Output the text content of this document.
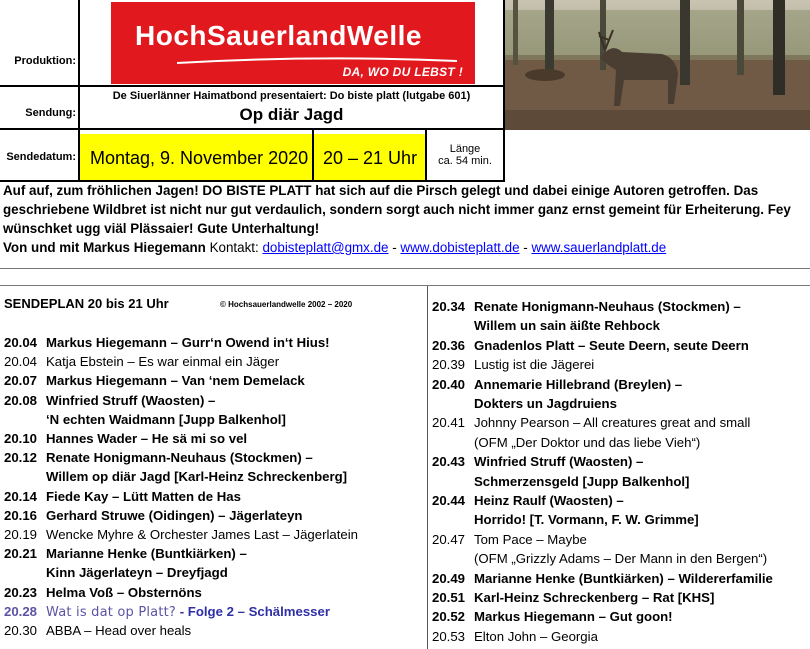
Produktion:
Sendung:
Sendedatum:
HochSauerlandWelle
DA, WO DU LEBST !
De Siuerlänner Haimatbond presentaiert: Do biste platt (lutgabe 601)
Op diär Jagd
Montag, 9. November 2020 20 – 21 Uhr	Länge
ca. 54 min.
Auf auf, zum fröhlichen Jagen! DO BISTE PLATT hat sich auf die Pirsch gelegt und dabei einige Autoren getroffen. Das geschriebene Wildbret ist nicht nur gut verdaulich, sondern sorgt auch nicht immer ganz ernst gemeint für Erheiterung. Fey wünschket ugg viäl Plässaier! Gute Unterhaltung!
Von und mit Markus Hiegemann Kontakt: dobisteplatt@gmx.de - www.dobisteplatt.de - www.sauerlandplatt.de
SENDEPLAN 20 bis 21 Uhr	© Hochsauerlandwelle 2002 – 2020
20.04 Markus Hiegemann – Gurr‘n Owend in‘t Hius!
20.04 Katja Ebstein – Es war einmal ein Jäger
20.07 Markus Hiegemann – Van ‘nem Demelack
20.08 Winfried Struff (Waosten) –
‘N echten Waidmann [Jupp Balkenhol]
20.10 Hannes Wader – He sä mi so vel
20.12 Renate Honigmann-Neuhaus (Stockmen) –
Willem op diär Jagd [Karl-Heinz Schreckenberg]
20.14 Fiede Kay – Lütt Matten de Has
20.16 Gerhard Struwe (Oidingen) – Jägerlateyn
20.19 Wencke Myhre & Orchester James Last – Jägerlatein
20.21 Marianne Henke (Buntkiärken) –
Kinn Jägerlateyn – Dreyfjagd
20.23 Helma Voß – Obsternöns
20.28 Wat is dat op Platt? - Folge 2 – Schälmesser
20.30 ABBA – Head over heals
20.34 Renate Honigmann-Neuhaus (Stockmen) –
Willem un sain äißte Rehbock
20.36 Gnadenlos Platt – Seute Deern, seute Deern
20.39 Lustig ist die Jägerei
20.40 Annemarie Hillebrand (Breylen) –
Dokters un Jagdruiens
20.41 Johnny Pearson – All creatures great and small
(OFM „Der Doktor und das liebe Vieh“)
20.43 Winfried Struff (Waosten) –
Schmerzensgeld [Jupp Balkenhol]
20.44 Heinz Raulf (Waosten) –
Horrido! [T. Vormann, F. W. Grimme]
20.47 Tom Pace – Maybe
(OFM „Grizzly Adams – Der Mann in den Bergen“)
20.49 Marianne Henke (Buntkiärken) – Wildererfamilie
20.51 Karl-Heinz Schreckenberg – Rat [KHS]
20.52 Markus Hiegemann – Gut goon!
20.53 Elton John – Georgia
